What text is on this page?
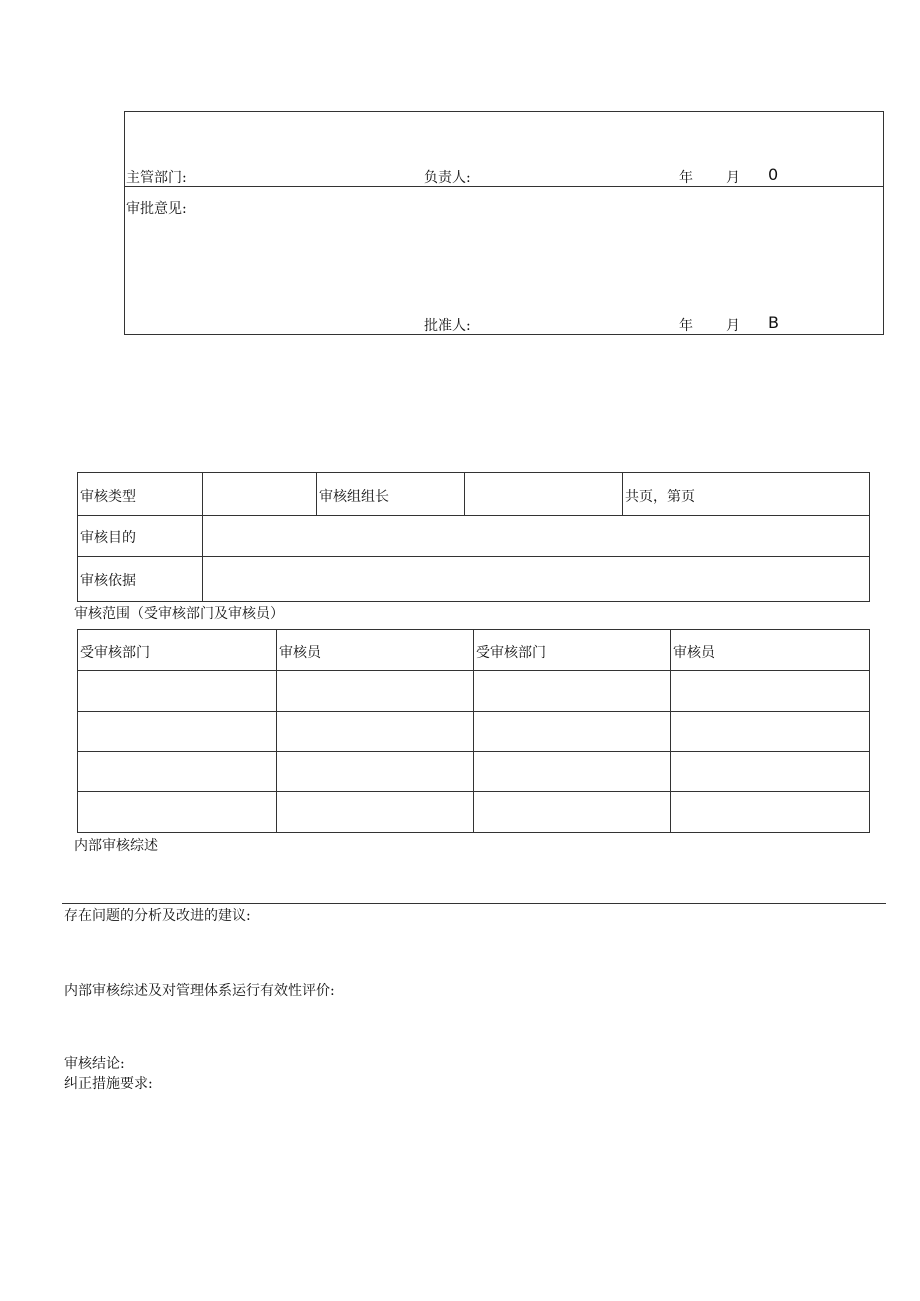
主管部门:	负责人:	年 月 0
审批意见:
批准人:	年 月 B
审核类型	审核组组长	共页，第页
审核目的
审核依据
审核范围（受审核部门及审核员）
受审核部门	审核员	受审核部门	审核员
内部审核综述
存在问题的分析及改进的建议:
内部审核综述及对管理体系运行有效性评价:
审核结论:
纠正措施要求:
